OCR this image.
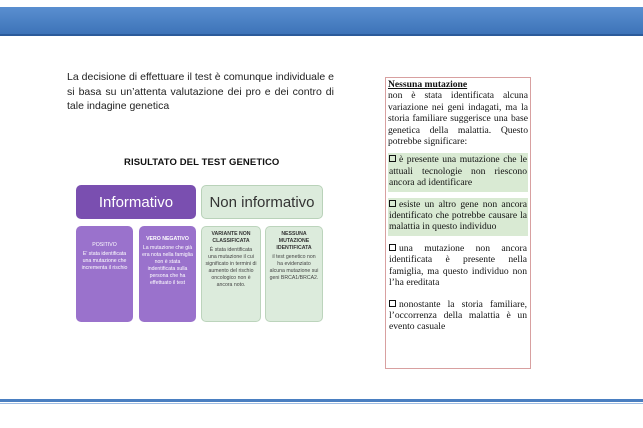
La decisione di effettuare il test è comunque individuale e si basa su un’attenta valutazione dei pro e dei contro di tale indagine genetica

RISULTATO DEL TEST GENETICO
Informativo	Non informativo
POSITIVO
E’ stata identificata una mutazione che incrementa il rischio
VERO NEGATIVO
La mutazione che già era nota nella famiglia non è stata indentificata sulla persona che ha effettuato il test
VARIANTE NON CLASSIFICATA
È stata identificata una mutazione il cui significato in termini di aumento del rischio oncologico non è ancora noto.
NESSUNA MUTAZIONE IDENTIFICATA
il test genetico non ha evidenziato alcuna mutazione sui geni BRCA1/BRCA2.
Nessuna mutazione
non è stata identificata alcuna variazione nei geni indagati, ma la storia familiare suggerisce una base genetica della malattia. Questo potrebbe significare:
è presente una mutazione che le attuali tecnologie non riescono ancora ad identificare
esiste un altro gene non ancora identificato che potrebbe causare la malattia in questo individuo
una mutazione non ancora identificata è presente nella famiglia, ma questo individuo non l’ha ereditata
nonostante la storia familiare, l’occorrenza della malattia è un evento casuale
